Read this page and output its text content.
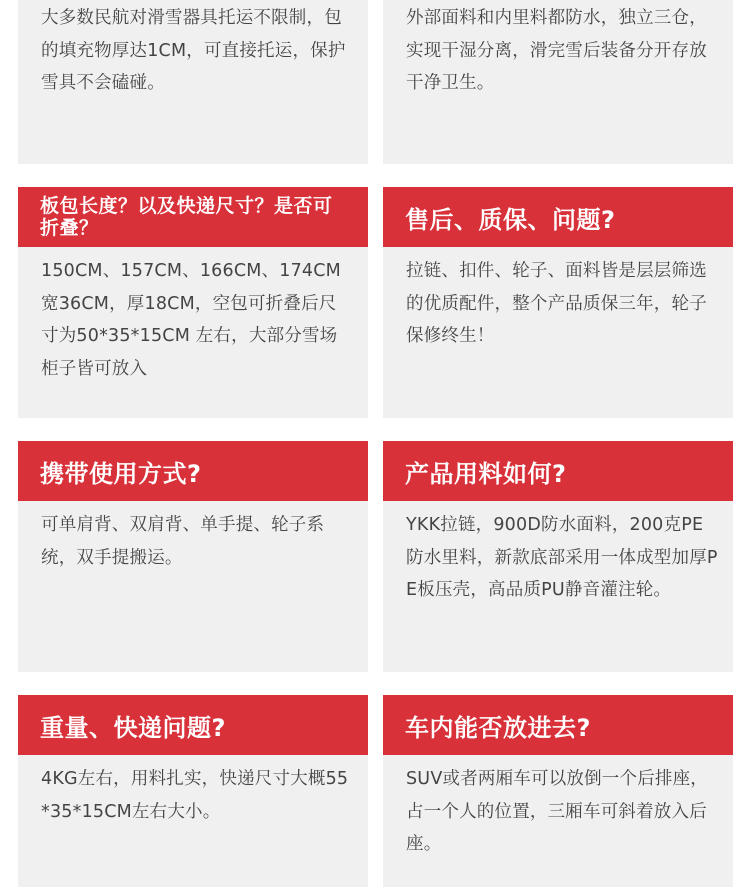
大多数民航对滑雪器具托运不限制，包的填充物厚达1CM，可直接托运，保护雪具不会磕碰。
外部面料和内里料都防水，独立三仓，实现干湿分离，滑完雪后装备分开存放干净卫生。
板包长度？以及快递尺寸？是否可折叠？
150CM、157CM、166CM、174CM宽36CM，厚18CM，空包可折叠后尺寸为50*35*15CM 左右，大部分雪场柜子皆可放入
售后、质保、问题?
拉链、扣件、轮子、面料皆是层层筛选的优质配件，整个产品质保三年，轮子保修终生！
携带使用方式?
可单肩背、双肩背、单手提、轮子系统，双手提搬运。
产品用料如何?
YKK拉链，900D防水面料，200克PE防水里料，新款底部采用一体成型加厚PE板压壳，高品质PU静音灌注轮。
重量、快递问题?
4KG左右，用料扎实，快递尺寸大概55*35*15CM左右大小。
车内能否放进去?
SUV或者两厢车可以放倒一个后排座，占一个人的位置，三厢车可斜着放入后座。
